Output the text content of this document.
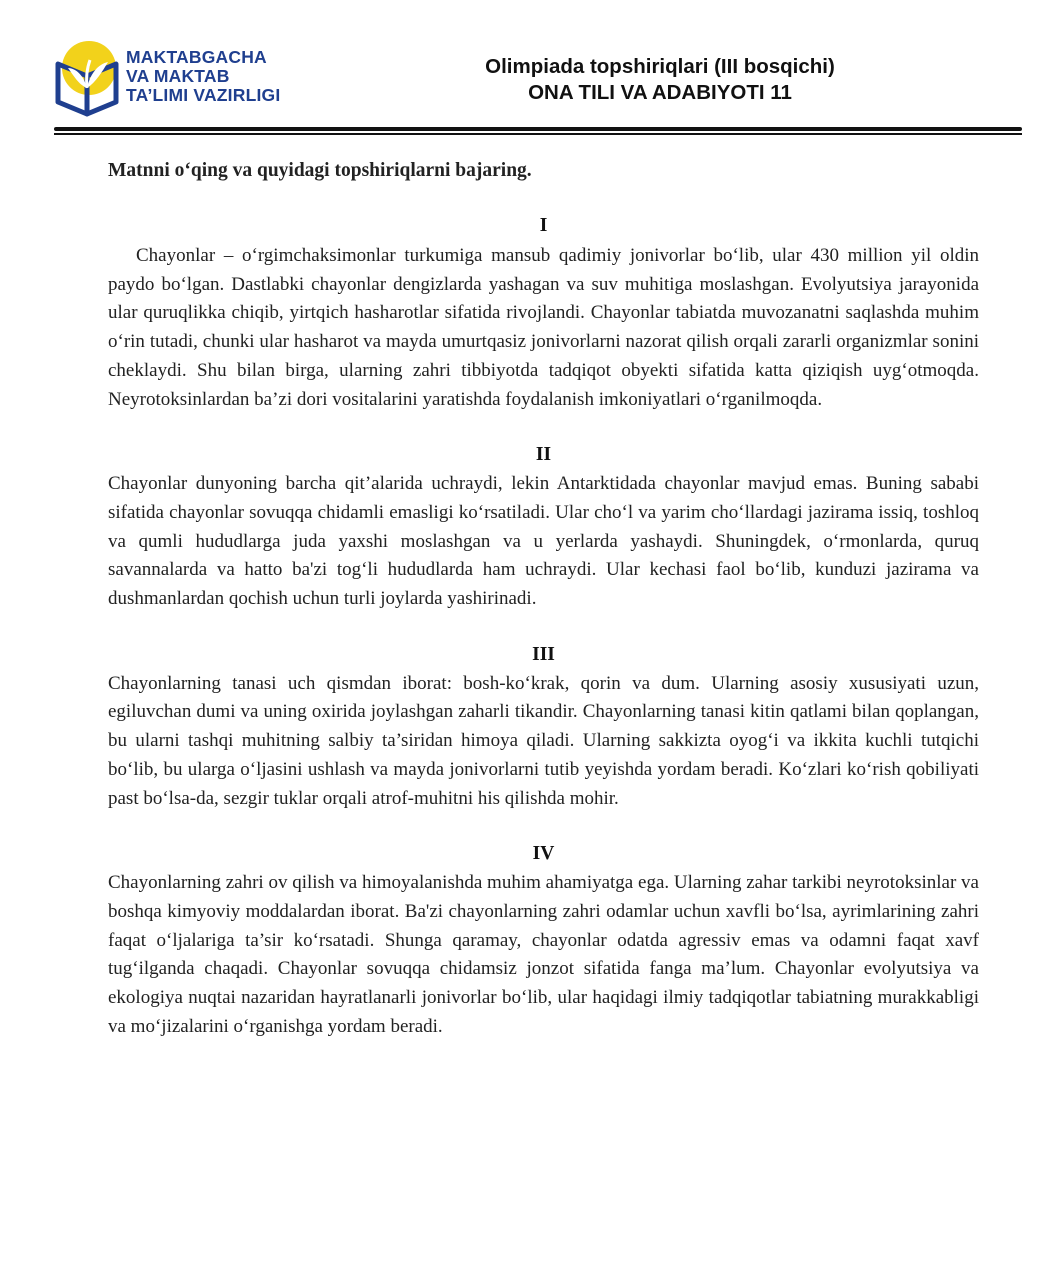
MAKTABGACHA
VA MAKTAB
TA’LIMI VAZIRLIGI
Olimpiada topshiriqlari (III bosqichi)
ONA TILI VA ADABIYOTI 11

Matnni o‘qing va quyidagi topshiriqlarni bajaring.

I

Chayonlar – o‘rgimchaksimonlar turkumiga mansub qadimiy jonivorlar bo‘lib, ular 430 million yil oldin paydo bo‘lgan. Dastlabki chayonlar dengizlarda yashagan va suv muhitiga moslashgan. Evolyutsiya jarayonida ular quruqlikka chiqib, yirtqich hasharotlar sifatida rivojlandi. Chayonlar tabiatda muvozanatni saqlashda muhim o‘rin tutadi, chunki ular hasharot va mayda umurtqasiz jonivorlarni nazorat qilish orqali zararli organizmlar sonini cheklaydi. Shu bilan birga, ularning zahri tibbiyotda tadqiqot obyekti sifatida katta qiziqish uyg‘otmoqda. Neyrotoksinlardan ba’zi dori vositalarini yaratishda foydalanish imkoniyatlari o‘rganilmoqda.

II

Chayonlar dunyoning barcha qit’alarida uchraydi, lekin Antarktidada chayonlar mavjud emas. Buning sababi sifatida chayonlar sovuqqa chidamli emasligi ko‘rsatiladi. Ular cho‘l va yarim cho‘llardagi jazirama issiq, toshloq va qumli hududlarga juda yaxshi moslashgan va u yerlarda yashaydi. Shuningdek, o‘rmonlarda, quruq savannalarda va hatto ba'zi tog‘li hududlarda ham uchraydi. Ular kechasi faol bo‘lib, kunduzi jazirama va dushmanlardan qochish uchun turli joylarda yashirinadi.

III

Chayonlarning tanasi uch qismdan iborat: bosh-ko‘krak, qorin va dum. Ularning asosiy xususiyati uzun, egiluvchan dumi va uning oxirida joylashgan zaharli tikandir. Chayonlarning tanasi kitin qatlami bilan qoplangan, bu ularni tashqi muhitning salbiy ta’siridan himoya qiladi. Ularning sakkizta oyog‘i va ikkita kuchli tutqichi bo‘lib, bu ularga o‘ljasini ushlash va mayda jonivorlarni tutib yeyishda yordam beradi. Ko‘zlari ko‘rish qobiliyati past bo‘lsa-da, sezgir tuklar orqali atrof-muhitni his qilishda mohir.

IV

Chayonlarning zahri ov qilish va himoyalanishda muhim ahamiyatga ega. Ularning zahar tarkibi neyrotoksinlar va boshqa kimyoviy moddalardan iborat. Ba'zi chayonlarning zahri odamlar uchun xavfli bo‘lsa, ayrimlarining zahri faqat o‘ljalariga ta’sir ko‘rsatadi. Shunga qaramay, chayonlar odatda agressiv emas va odamni faqat xavf tug‘ilganda chaqadi. Chayonlar sovuqqa chidamsiz jonzot sifatida fanga ma’lum. Chayonlar evolyutsiya va ekologiya nuqtai nazaridan hayratlanarli jonivorlar bo‘lib, ular haqidagi ilmiy tadqiqotlar tabiatning murakkabligi va mo‘jizalarini o‘rganishga yordam beradi.
